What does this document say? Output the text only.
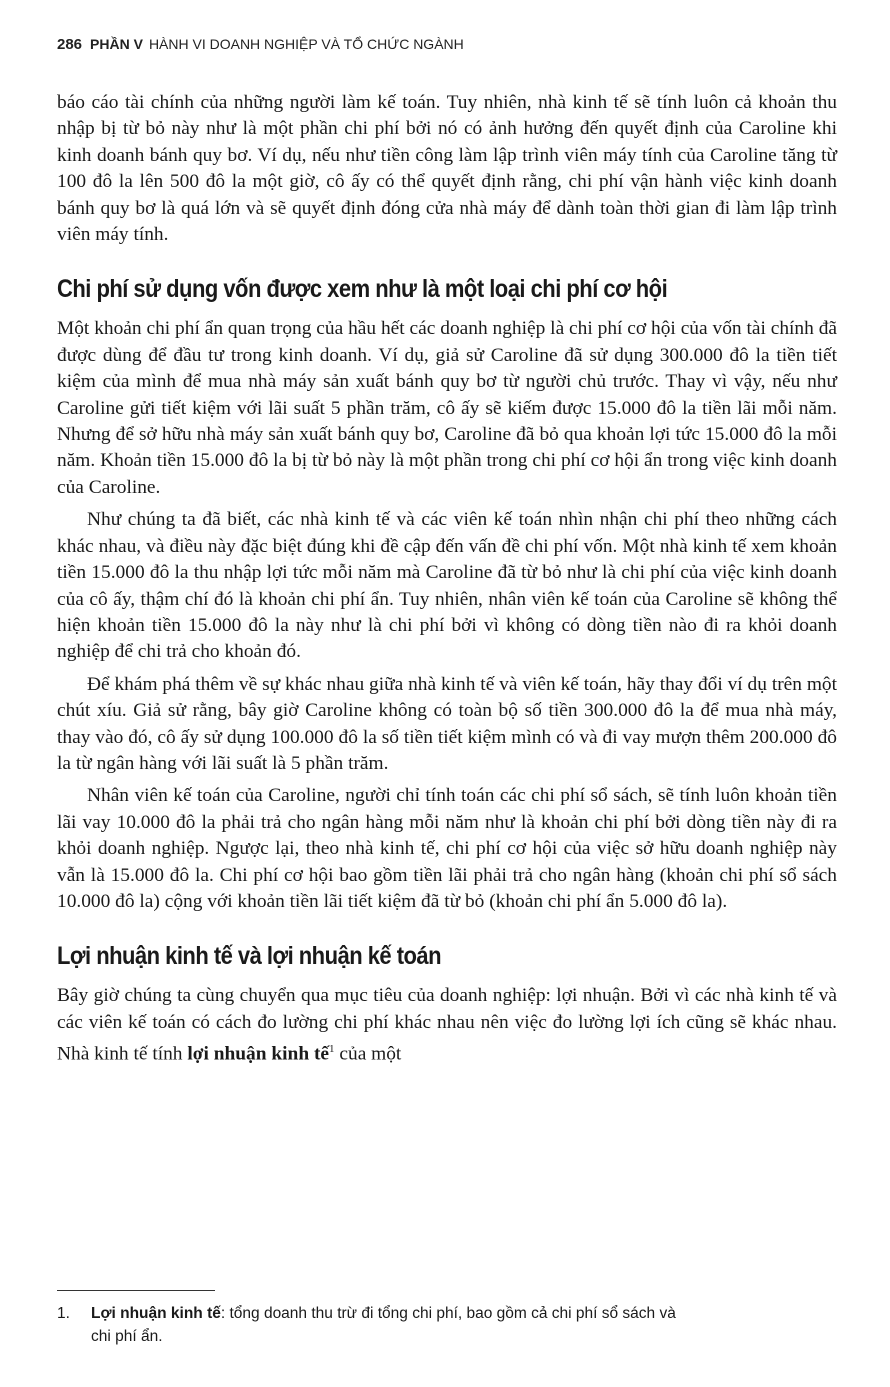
286 PHẦN V HÀNH VI DOANH NGHIỆP VÀ TỔ CHỨC NGÀNH

báo cáo tài chính của những người làm kế toán. Tuy nhiên, nhà kinh tế sẽ tính luôn cả khoản thu nhập bị từ bỏ này như là một phần chi phí bởi nó có ảnh hưởng đến quyết định của Caroline khi kinh doanh bánh quy bơ. Ví dụ, nếu như tiền công làm lập trình viên máy tính của Caroline tăng từ 100 đô la lên 500 đô la một giờ, cô ấy có thể quyết định rằng, chi phí vận hành việc kinh doanh bánh quy bơ là quá lớn và sẽ quyết định đóng cửa nhà máy để dành toàn thời gian đi làm lập trình viên máy tính.

Chi phí sử dụng vốn được xem như là một loại chi phí cơ hội

Một khoản chi phí ẩn quan trọng của hầu hết các doanh nghiệp là chi phí cơ hội của vốn tài chính đã được dùng để đầu tư trong kinh doanh. Ví dụ, giả sử Caroline đã sử dụng 300.000 đô la tiền tiết kiệm của mình để mua nhà máy sản xuất bánh quy bơ từ người chủ trước. Thay vì vậy, nếu như Caroline gửi tiết kiệm với lãi suất 5 phần trăm, cô ấy sẽ kiếm được 15.000 đô la tiền lãi mỗi năm. Nhưng để sở hữu nhà máy sản xuất bánh quy bơ, Caroline đã bỏ qua khoản lợi tức 15.000 đô la mỗi năm. Khoản tiền 15.000 đô la bị từ bỏ này là một phần trong chi phí cơ hội ẩn trong việc kinh doanh của Caroline.

Như chúng ta đã biết, các nhà kinh tế và các viên kế toán nhìn nhận chi phí theo những cách khác nhau, và điều này đặc biệt đúng khi đề cập đến vấn đề chi phí vốn. Một nhà kinh tế xem khoản tiền 15.000 đô la thu nhập lợi tức mỗi năm mà Caroline đã từ bỏ như là chi phí của việc kinh doanh của cô ấy, thậm chí đó là khoản chi phí ẩn. Tuy nhiên, nhân viên kế toán của Caroline sẽ không thể hiện khoản tiền 15.000 đô la này như là chi phí bởi vì không có dòng tiền nào đi ra khỏi doanh nghiệp để chi trả cho khoản đó.

Để khám phá thêm về sự khác nhau giữa nhà kinh tế và viên kế toán, hãy thay đổi ví dụ trên một chút xíu. Giả sử rằng, bây giờ Caroline không có toàn bộ số tiền 300.000 đô la để mua nhà máy, thay vào đó, cô ấy sử dụng 100.000 đô la số tiền tiết kiệm mình có và đi vay mượn thêm 200.000 đô la từ ngân hàng với lãi suất là 5 phần trăm.

Nhân viên kế toán của Caroline, người chỉ tính toán các chi phí sổ sách, sẽ tính luôn khoản tiền lãi vay 10.000 đô la phải trả cho ngân hàng mỗi năm như là khoản chi phí bởi dòng tiền này đi ra khỏi doanh nghiệp. Ngược lại, theo nhà kinh tế, chi phí cơ hội của việc sở hữu doanh nghiệp này vẫn là 15.000 đô la. Chi phí cơ hội bao gồm tiền lãi phải trả cho ngân hàng (khoản chi phí sổ sách 10.000 đô la) cộng với khoản tiền lãi tiết kiệm đã từ bỏ (khoản chi phí ẩn 5.000 đô la).

Lợi nhuận kinh tế và lợi nhuận kế toán

Bây giờ chúng ta cùng chuyển qua mục tiêu của doanh nghiệp: lợi nhuận. Bởi vì các nhà kinh tế và các viên kế toán có cách đo lường chi phí khác nhau nên việc đo lường lợi ích cũng sẽ khác nhau. Nhà kinh tế tính lợi nhuận kinh tế$^1$ của một

1. Lợi nhuận kinh tế: tổng doanh thu trừ đi tổng chi phí, bao gồm cả chi phí sổ sách và
chi phí ẩn.
